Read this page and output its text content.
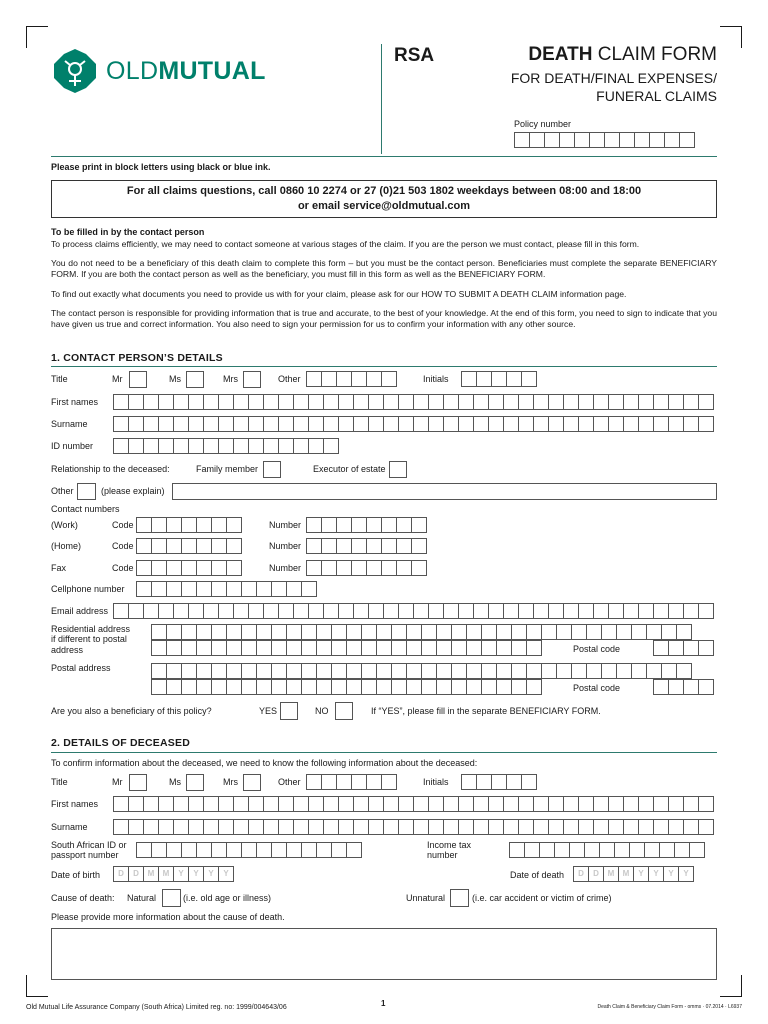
OLDMUTUAL
RSA	DEATH CLAIM FORM
FOR DEATH/FINAL EXPENSES/
FUNERAL CLAIMS
Policy number
Please print in block letters using black or blue ink.
For all claims questions, call 0860 10 2274 or 27 (0)21 503 1802 weekdays between 08:00 and 18:00
or email service@oldmutual.com
To be filled in by the contact person
To process claims efficiently, we may need to contact someone at various stages of the claim. If you are the person we must contact, please fill in this form.
You do not need to be a beneficiary of this death claim to complete this form – but you must be the contact person. Beneficiaries must complete the separate BENEFICIARY FORM. If you are both the contact person as well as the beneficiary, you must fill in this form as well as the BENEFICIARY FORM.
To find out exactly what documents you need to provide us with for your claim, please ask for our HOW TO SUBMIT A DEATH CLAIM information page.
The contact person is responsible for providing information that is true and accurate, to the best of your knowledge. At the end of this form, you need to sign to indicate that you have given us true and correct information. You also need to sign your permission for us to confirm your information with any other source.
1. CONTACT PERSON’S DETAILS
Title	Mr	Ms	Mrs	Other	Initials
First names
Surname
ID number
Relationship to the deceased:	Family member	Executor of estate
Other	(please explain)
Contact numbers
(Work)	Code	Number
(Home)	Code	Number
Fax	Code	Number
Cellphone number
Email address
Residential address
if different to postal
address	Postal code
Postal address
Postal code
Are you also a beneficiary of this policy?	YES	NO	If “YES”, please fill in the separate BENEFICIARY FORM.
2. DETAILS OF DECEASED
To confirm information about the deceased, we need to know the following information about the deceased:
Title	Mr	Ms	Mrs	Other	Initials
First names
Surname
South African ID or
passport number
Income tax
number
Date of birth	D	D	M	M	Y	Y	Y	Y	Date of death	D	D	M	M	Y	Y	Y	Y
Cause of death: Natural	(i.e. old age or illness)	Unnatural	(i.e. car accident or victim of crime)
Please provide more information about the cause of death.
Old Mutual Life Assurance Company (South Africa) Limited reg. no: 1999/004643/06	1	Death Claim & Beneficiary Claim Form - omms · 07.2014 · L6937
